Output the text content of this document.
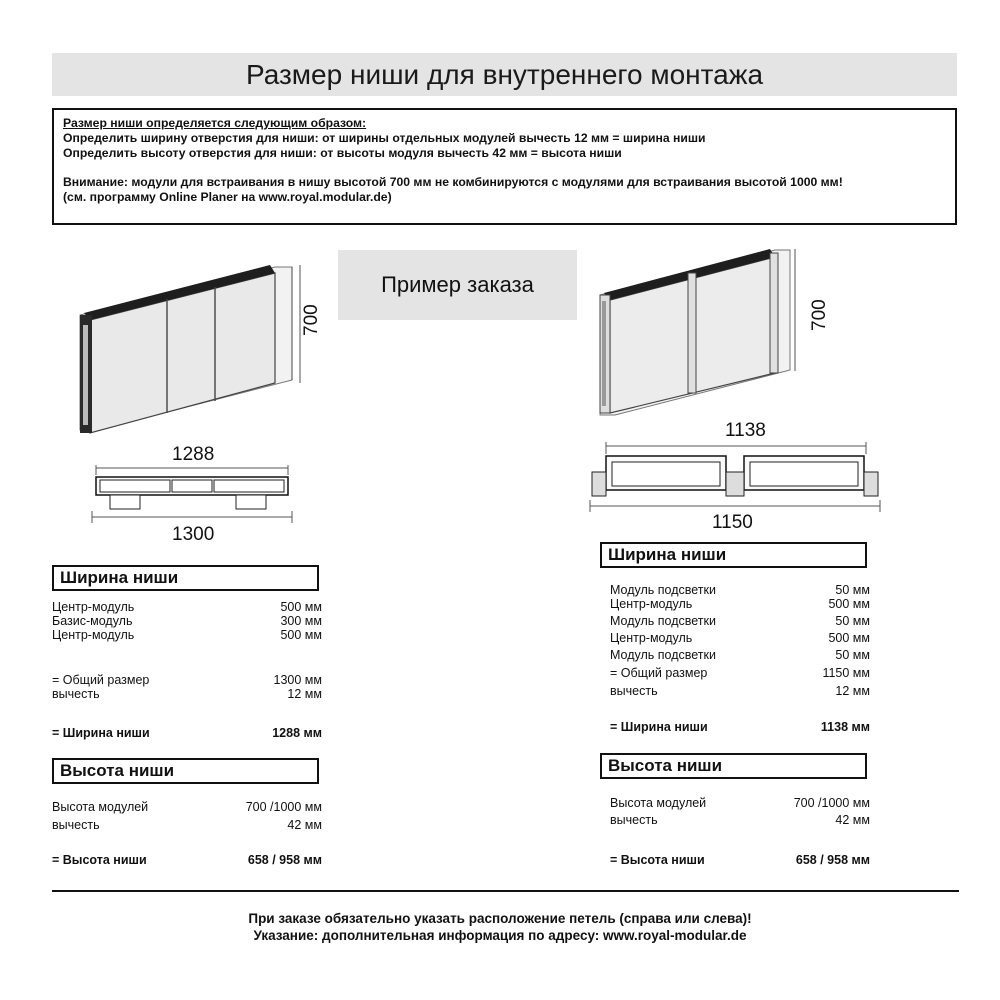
Размер ниши для внутреннего монтажа
Размер ниши определяется следующим образом:
Определить ширину отверстия для ниши: от ширины отдельных модулей вычесть 12 мм = ширина ниши
Определить высоту отверстия для ниши: от высоты модуля вычесть 42 мм = высота ниши
Внимание: модули для встраивания в нишу высотой 700 мм не комбинируются с модулями для встраивания высотой 1000 мм!
(см. программу Online Planer на www.royal.modular.de)
Пример заказа
700
1288
1300
Ширина ниши
Центр-модуль	500 мм
Базис-модуль	300 мм
Центр-модуль	500 мм
= Общий размер	1300 мм
вычесть	12 мм
= Ширина ниши	1288 мм
Высота ниши
Высота модулей	700 /1000 мм
вычесть	42 мм
= Высота ниши	658 / 958 мм
700
1138
1150
Ширина ниши
Модуль подсветки	50 мм
Центр-модуль	500 мм
Модуль подсветки	50 мм
Центр-модуль	500 мм
Модуль подсветки	50 мм
= Общий размер	1150 мм
вычесть	12 мм
= Ширина ниши	1138 мм
Высота ниши
Высота модулей	700 /1000 мм
вычесть	42 мм
= Высота ниши	658 / 958 мм
При заказе обязательно указать расположение петель (справа или слева)!
Указание: дополнительная информация по адресу: www.royal-modular.de
